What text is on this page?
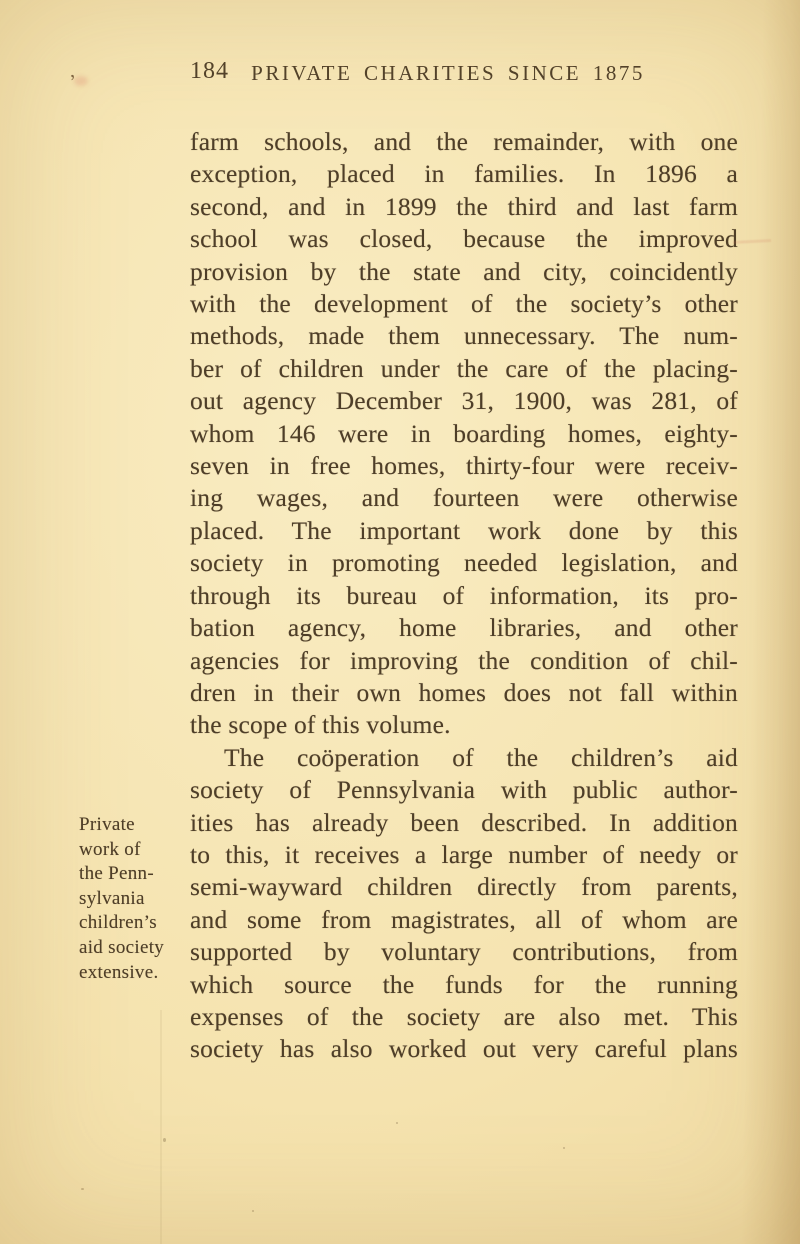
184	PRIVATE CHARITIES SINCE 1875
Private
work of
the Penn-
sylvania
children’s
aid society
extensive.
farm schools, and the remainder, with one
exception, placed in families. In 1896 a
second, and in 1899 the third and last farm
school was closed, because the improved
provision by the state and city, coincidently
with the development of the society’s other
methods, made them unnecessary. The num-
ber of children under the care of the placing-
out agency December 31, 1900, was 281, of
whom 146 were in boarding homes, eighty-
seven in free homes, thirty-four were receiv-
ing wages, and fourteen were otherwise
placed. The important work done by this
society in promoting needed legislation, and
through its bureau of information, its pro-
bation agency, home libraries, and other
agencies for improving the condition of chil-
dren in their own homes does not fall within
the scope of this volume.
The coöperation of the children’s aid
society of Pennsylvania with public author-
ities has already been described. In addition
to this, it receives a large number of needy or
semi-wayward children directly from parents,
and some from magistrates, all of whom are
supported by voluntary contributions, from
which source the funds for the running
expenses of the society are also met. This
society has also worked out very careful plans
,
